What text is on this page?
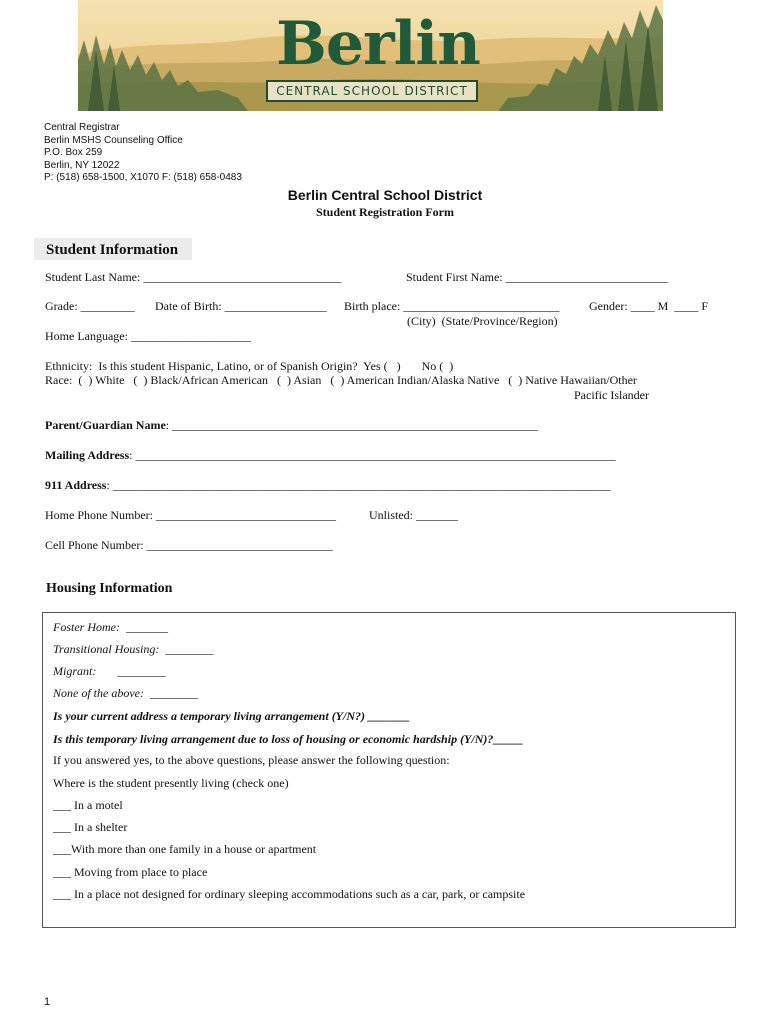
Berlin
CENTRAL SCHOOL DISTRICT
Central Registrar
Berlin MSHS Counseling Office
P.O. Box 259
Berlin, NY 12022
P: (518) 658-1500, X1070 F: (518) 658-0483
Berlin Central School District
Student Registration Form
Student Information
Student Last Name: _________________________________	Student First Name: ___________________________
Grade: _________ Date of Birth: _________________ Birth place: __________________________ Gender: ____ M  ____ F
(City)  (State/Province/Region)
Home Language: ____________________
Ethnicity:  Is this student Hispanic, Latino, or of Spanish Origin?  Yes (   )       No (  )
Race:  (  ) White   (  ) Black/African American   (  ) Asian   (  ) American Indian/Alaska Native   (  ) Native Hawaiian/Other
Pacific Islander
Parent/Guardian Name: _____________________________________________________________
Mailing Address: ________________________________________________________________________________
911 Address: ___________________________________________________________________________________
Home Phone Number: ______________________________	Unlisted: _______
Cell Phone Number: _______________________________
Housing Information
Foster Home:  _______
Transitional Housing:  ________
Migrant:       ________
None of the above:  ________
Is your current address a temporary living arrangement (Y/N?) _______
Is this temporary living arrangement due to loss of housing or economic hardship (Y/N)?_____
If you answered yes, to the above questions, please answer the following question:
Where is the student presently living (check one)
___ In a motel
___ In a shelter
___With more than one family in a house or apartment
___ Moving from place to place
___ In a place not designed for ordinary sleeping accommodations such as a car, park, or campsite
1
